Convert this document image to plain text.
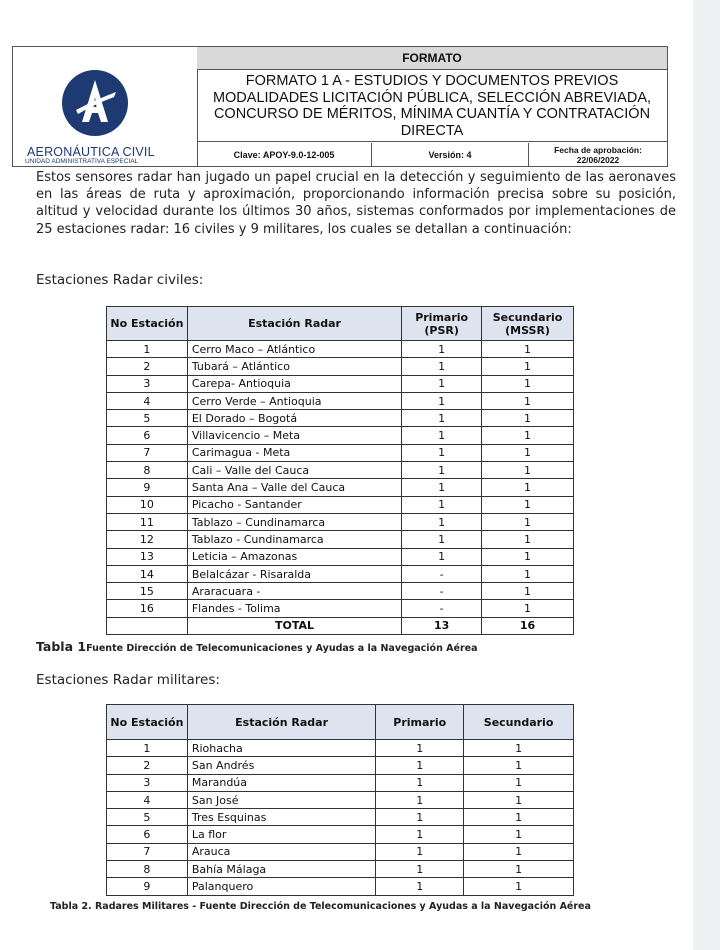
AERONÁUTICA CIVIL
UNIDAD ADMINISTRATIVA ESPECIAL
FORMATO
FORMATO 1 A - ESTUDIOS Y DOCUMENTOS PREVIOS MODALIDADES LICITACIÓN PÚBLICA, SELECCIÓN ABREVIADA, CONCURSO DE MÉRITOS, MÍNIMA CUANTÍA Y CONTRATACIÓN DIRECTA
Clave: APOY-9.0-12-005	Versión: 4	Fecha de aprobación:
22/06/2022

Estos sensores radar han jugado un papel crucial en la detección y seguimiento de las aeronaves en las áreas de ruta y aproximación, proporcionando información precisa sobre su posición, altitud y velocidad durante los últimos 30 años, sistemas conformados por implementaciones de 25 estaciones radar: 16 civiles y 9 militares, los cuales se detallan a continuación:

Estaciones Radar civiles:
No Estación	Estación Radar	Primario (PSR)	Secundario (MSSR)
1	Cerro Maco – Atlántico	1	1
2	Tubará – Atlántico	1	1
3	Carepa- Antioquia	1	1
4	Cerro Verde – Antioquia	1	1
5	El Dorado – Bogotá	1	1
6	Villavicencio – Meta	1	1
7	Carimagua - Meta	1	1
8	Cali – Valle del Cauca	1	1
9	Santa Ana – Valle del Cauca	1	1
10	Picacho - Santander	1	1
11	Tablazo – Cundinamarca	1	1
12	Tablazo - Cundinamarca	1	1
13	Leticia – Amazonas	1	1
14	Belalcázar - Risaralda	-	1
15	Araracuara -	-	1
16	Flandes - Tolima	-	1
	TOTAL	13	16
Tabla 1Fuente Dirección de Telecomunicaciones y Ayudas a la Navegación Aérea
Estaciones Radar militares:
No Estación	Estación Radar	Primario	Secundario
1	Riohacha	1	1
2	San Andrés	1	1
3	Marandúa	1	1
4	San José	1	1
5	Tres Esquinas	1	1
6	La flor	1	1
7	Arauca	1	1
8	Bahía Málaga	1	1
9	Palanquero	1	1
Tabla 2. Radares Militares - Fuente Dirección de Telecomunicaciones y Ayudas a la Navegación Aérea
